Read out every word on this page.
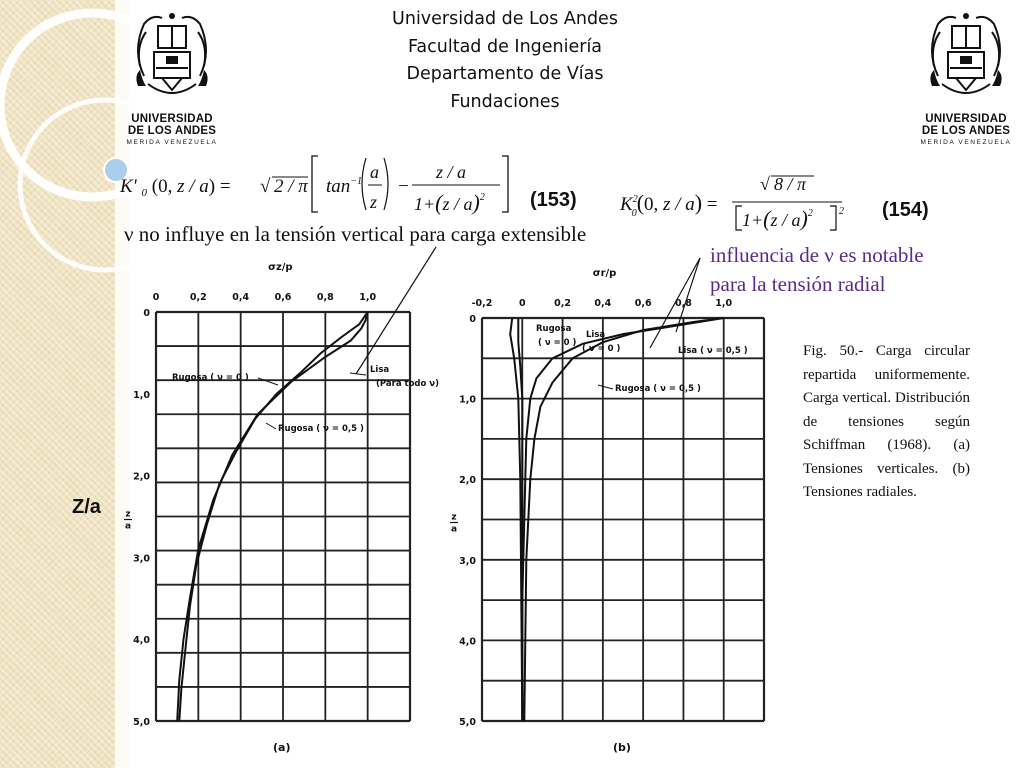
UNIVERSIDAD
DE LOS ANDES
MERIDA VENEZUELA
UNIVERSIDAD
DE LOS ANDES
MERIDA VENEZUELA
Universidad de Los Andes
Facultad de Ingeniería
Departamento de Vías
Fundaciones
K' $_0$ (0, z / a) = √ 2 / π $\tan^{-1} a$
z
−
z / a
1+(z / a)$^2$ (153) $K^2$ 0(0, z / a) =
√ 8 / π
1+(z / a)$^2$	2 (154)
ν no influye en la tensión vertical para carga extensible
influencia de ν es notable
para la tensión radial
Z/a
Fig. 50.- Carga circular repartida uniformemente. Carga vertical. Distribución de tensiones según Schiffman (1968). (a) Tensiones verticales. (b) Tensiones radiales.
σz/p
0	0,2	0,4	0,6	0,8	1,0
0
1,0
2,0
3,0
4,0
5,0
z
a
(a)
Lisa
(Para todo ν)
Rugosa ( ν = 0 )
Rugosa ( ν = 0,5 )
σr/p
-0,2	0	0,2 0,4 0,6 0,8 1,0
0
1,0
2,0
3,0
4,0
5,0
z
a
(b)
Lisa ( ν = 0,5 )
Rugosa ( ν = 0,5 )
Lisa
( ν = 0 )
Rugosa
( ν = 0 )
